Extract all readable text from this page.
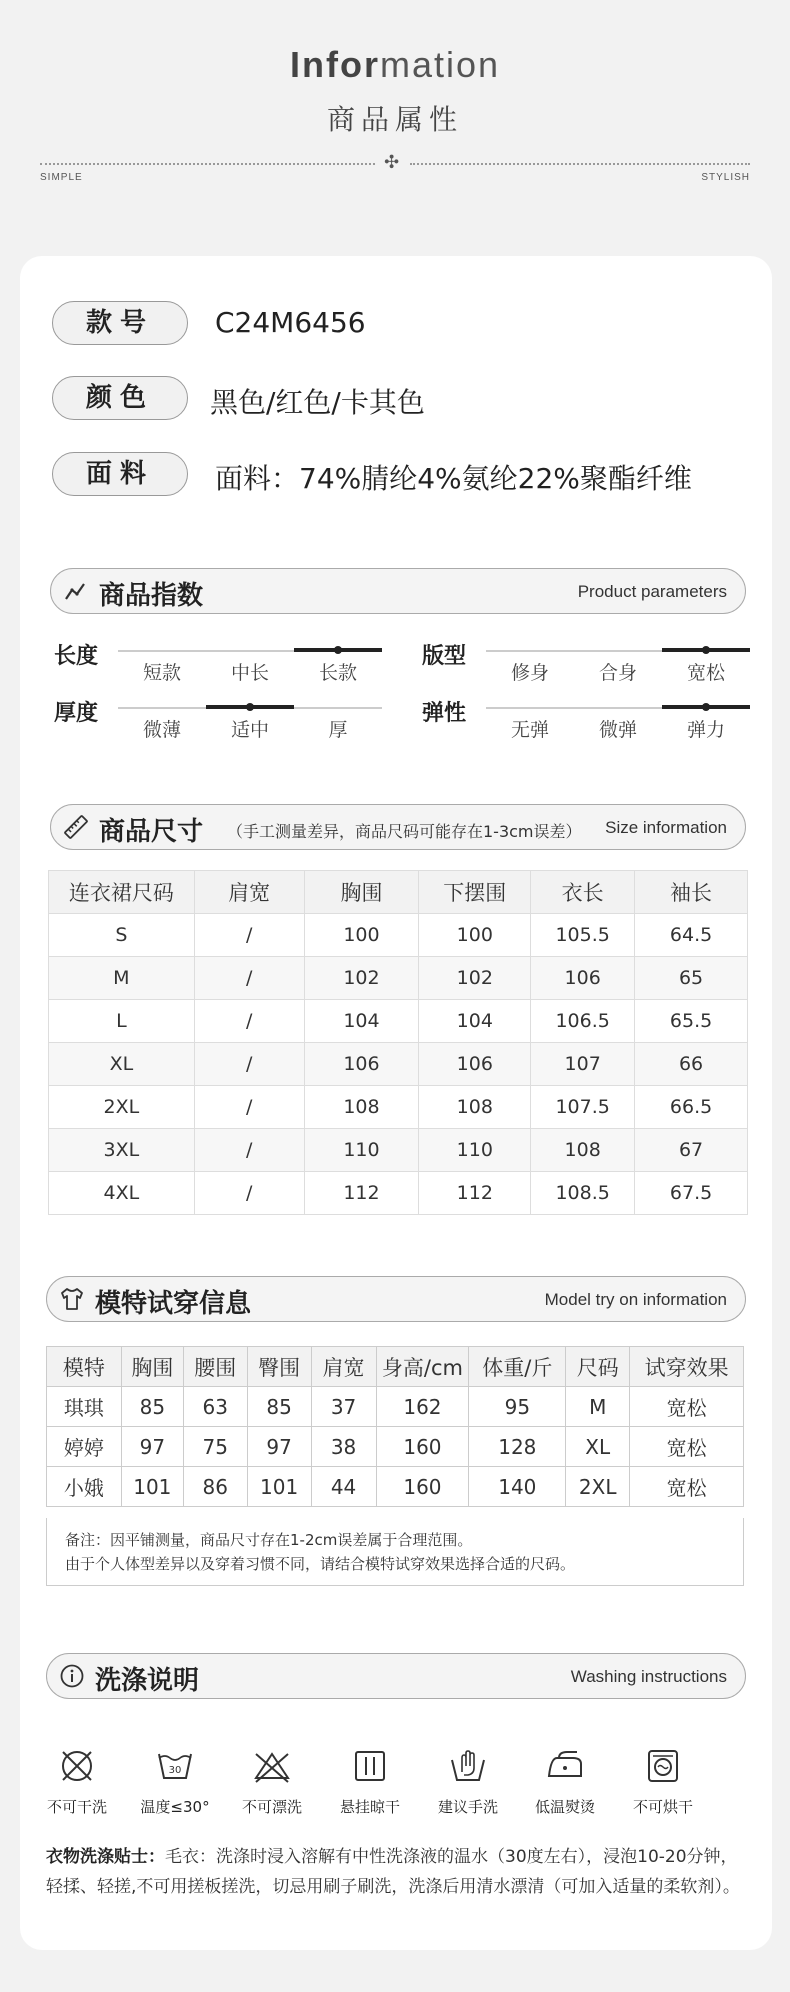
Information
商品属性
✣
SIMPLE	STYLISH
款号	C24M6456
颜色	黑色/红色/卡其色
面料	面料：74%腈纶4%氨纶22%聚酯纤维
商品指数	Product parameters
长度
短款	中长	长款
版型
修身	合身	宽松
厚度
微薄	适中	厚
弹性
无弹	微弹	弹力
商品尺寸 （手工测量差异，商品尺码可能存在1-3cm误差） Size information
连衣裙尺码	肩宽	胸围	下摆围	衣长	袖长
S	/	100	100	105.5	64.5
M	/	102	102	106	65
L	/	104	104	106.5	65.5
XL	/	106	106	107	66
2XL	/	108	108	107.5	66.5
3XL	/	110	110	108	67
4XL	/	112	112	108.5	67.5
模特试穿信息	Model try on information
模特	胸围	腰围	臀围	肩宽	身高/cm	体重/斤	尺码	试穿效果
琪琪	85	63	85	37	162	95	M	宽松
婷婷	97	75	97	38	160	128	XL	宽松
小娥	101	86	101	44	160	140	2XL	宽松
备注：因平铺测量，商品尺寸存在1-2cm误差属于合理范围。
由于个人体型差异以及穿着习惯不同，请结合模特试穿效果选择合适的尺码。
洗涤说明	Washing instructions
不可干洗
30
温度≤30°	不可漂洗	悬挂晾干	建议手洗	低温熨烫	不可烘干
衣物洗涤贴士：毛衣：洗涤时浸入溶解有中性洗涤液的温水（30度左右），浸泡10-20分钟，轻揉、轻搓,不可用搓板搓洗，切忌用刷子刷洗，洗涤后用清水漂清（可加入适量的柔软剂）。
